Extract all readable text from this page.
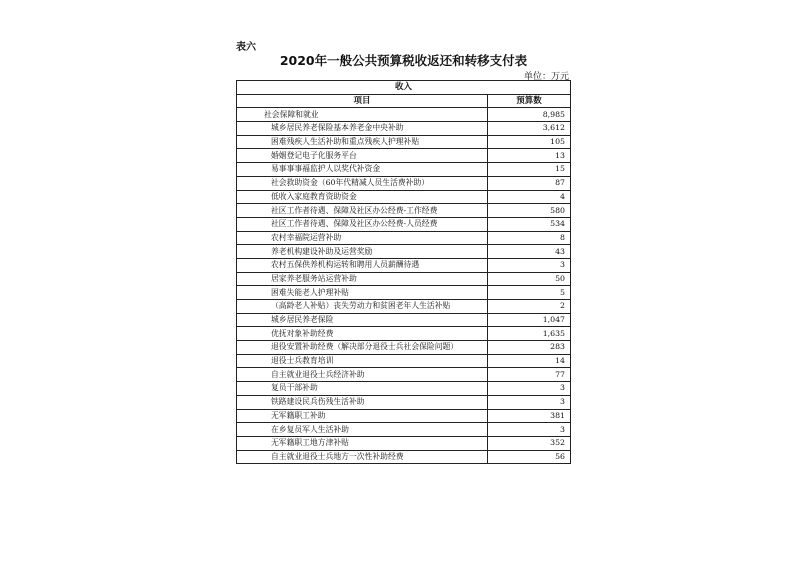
表六
2020年一般公共预算税收返还和转移支付表
单位：万元
收入	
项目	预算数
社会保障和就业	8,985
城乡居民养老保险基本养老金中央补助	3,612
困难残疾人生活补助和重点残疾人护理补贴	105
婚姻登记电子化服务平台	13
易事事事福监护人以奖代补资金	15
社会救助资金（60年代精减人员生活费补助）	87
低收入家庭教育资助资金	4
社区工作者待遇、保障及社区办公经费-工作经费	580
社区工作者待遇、保障及社区办公经费-人员经费	534
农村幸福院运营补助	8
养老机构建设补助及运营奖励	43
农村五保供养机构运转和聘用人员薪酬待遇	3
居家养老服务站运营补助	50
困难失能老人护理补贴	5
（高龄老人补贴）丧失劳动力和贫困老年人生活补贴	2
城乡居民养老保险	1,047
优抚对象补助经费	1,635
退役安置补助经费（解决部分退役士兵社会保险问题）	283
退役士兵教育培训	14
自主就业退役士兵经济补助	77
复员干部补助	3
铁路建设民兵伤残生活补助	3
无军籍职工补助	381
在乡复员军人生活补助	3
无军籍职工地方津补贴	352
自主就业退役士兵地方一次性补助经费	56
